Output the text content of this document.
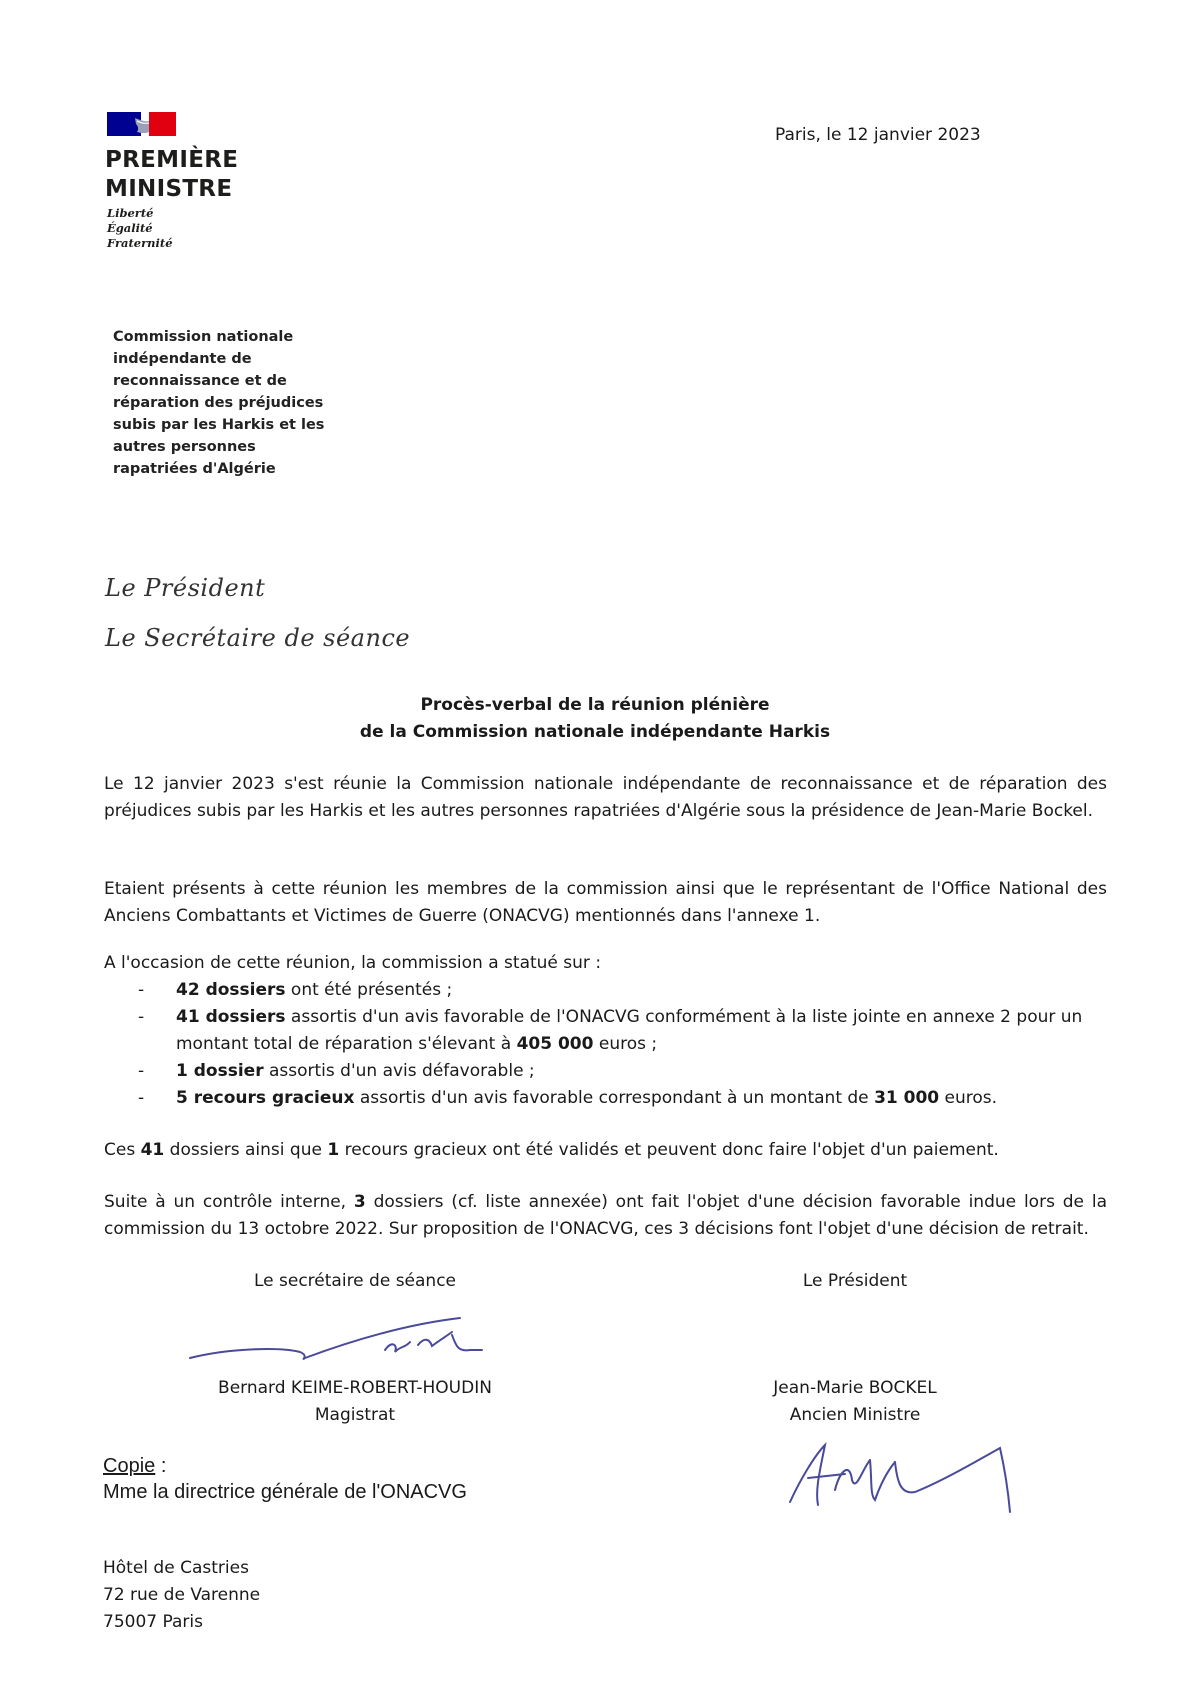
PREMIÈRE
MINISTRE
Liberté
Égalité
Fraternité
Paris, le 12 janvier 2023
Commission nationale
indépendante de
reconnaissance et de
réparation des préjudices
subis par les Harkis et les
autres personnes
rapatriées d'Algérie
Le Président
Le Secrétaire de séance
Procès-verbal de la réunion plénière
de la Commission nationale indépendante Harkis
Le 12 janvier 2023 s'est réunie la Commission nationale indépendante de reconnaissance et de réparation des préjudices subis par les Harkis et les autres personnes rapatriées d'Algérie sous la présidence de Jean-Marie Bockel.
Etaient présents à cette réunion les membres de la commission ainsi que le représentant de l'Office National des Anciens Combattants et Victimes de Guerre (ONACVG) mentionnés dans l'annexe 1.
A l'occasion de cette réunion, la commission a statué sur :
- 42 dossiers ont été présentés ;
- 41 dossiers assortis d'un avis favorable de l'ONACVG conformément à la liste jointe en annexe 2 pour un montant total de réparation s'élevant à 405 000 euros ;
- 1 dossier assortis d'un avis défavorable ;
- 5 recours gracieux assortis d'un avis favorable correspondant à un montant de 31 000 euros.
Ces 41 dossiers ainsi que 1 recours gracieux ont été validés et peuvent donc faire l'objet d'un paiement.
Suite à un contrôle interne, 3 dossiers (cf. liste annexée) ont fait l'objet d'une décision favorable indue lors de la commission du 13 octobre 2022. Sur proposition de l'ONACVG, ces 3 décisions font l'objet d'une décision de retrait.
Le secrétaire de séance	Le Président
Bernard KEIME-ROBERT-HOUDIN
Magistrat
Jean-Marie BOCKEL
Ancien Ministre
Copie :
Mme la directrice générale de l'ONACVG
Hôtel de Castries
72 rue de Varenne
75007 Paris
